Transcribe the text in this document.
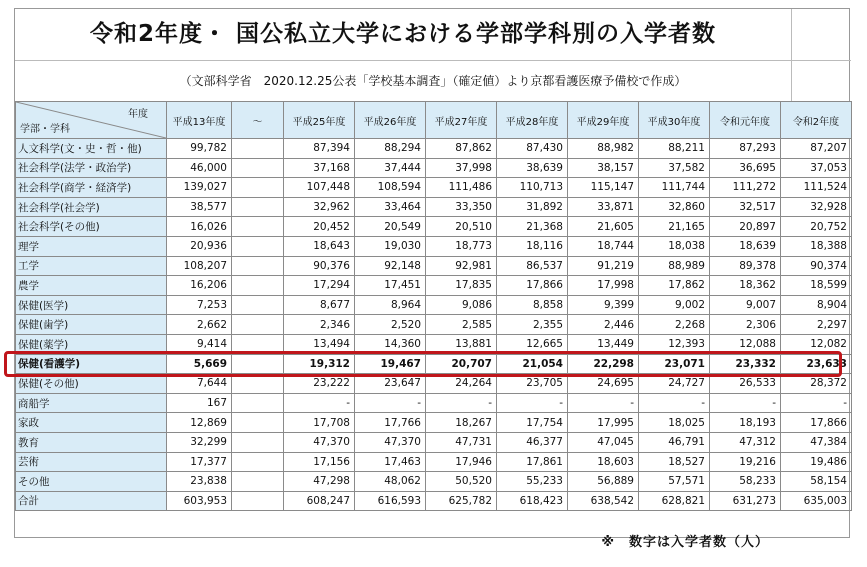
令和2年度・ 国公私立大学における学部学科別の入学者数
（文部科学省　2020.12.25公表「学校基本調査」（確定値）より京都看護医療予備校で作成）
年度
学部・学科	平成13年度	～	平成25年度	平成26年度	平成27年度	平成28年度	平成29年度	平成30年度	令和元年度	令和2年度
人文科学(文・史・哲・他)	99,782		87,394	88,294	87,862	87,430	88,982	88,211	87,293	87,207
社会科学(法学・政治学)	46,000		37,168	37,444	37,998	38,639	38,157	37,582	36,695	37,053
社会科学(商学・経済学)	139,027		107,448	108,594	111,486	110,713	115,147	111,744	111,272	111,524
社会科学(社会学)	38,577		32,962	33,464	33,350	31,892	33,871	32,860	32,517	32,928
社会科学(その他)	16,026		20,452	20,549	20,510	21,368	21,605	21,165	20,897	20,752
理学	20,936		18,643	19,030	18,773	18,116	18,744	18,038	18,639	18,388
工学	108,207		90,376	92,148	92,981	86,537	91,219	88,989	89,378	90,374
農学	16,206		17,294	17,451	17,835	17,866	17,998	17,862	18,362	18,599
保健(医学)	7,253		8,677	8,964	9,086	8,858	9,399	9,002	9,007	8,904
保健(歯学)	2,662		2,346	2,520	2,585	2,355	2,446	2,268	2,306	2,297
保健(薬学)	9,414		13,494	14,360	13,881	12,665	13,449	12,393	12,088	12,082
保健(看護学)	5,669		19,312	19,467	20,707	21,054	22,298	23,071	23,332	23,633
保健(その他)	7,644		23,222	23,647	24,264	23,705	24,695	24,727	26,533	28,372
商船学	167		-	-	-	-	-	-	-	-
家政	12,869		17,708	17,766	18,267	17,754	17,995	18,025	18,193	17,866
教育	32,299		47,370	47,370	47,731	46,377	47,045	46,791	47,312	47,384
芸術	17,377		17,156	17,463	17,946	17,861	18,603	18,527	19,216	19,486
その他	23,838		47,298	48,062	50,520	55,233	56,889	57,571	58,233	58,154
合計	603,953		608,247	616,593	625,782	618,423	638,542	628,821	631,273	635,003
※　数字は入学者数（人）
